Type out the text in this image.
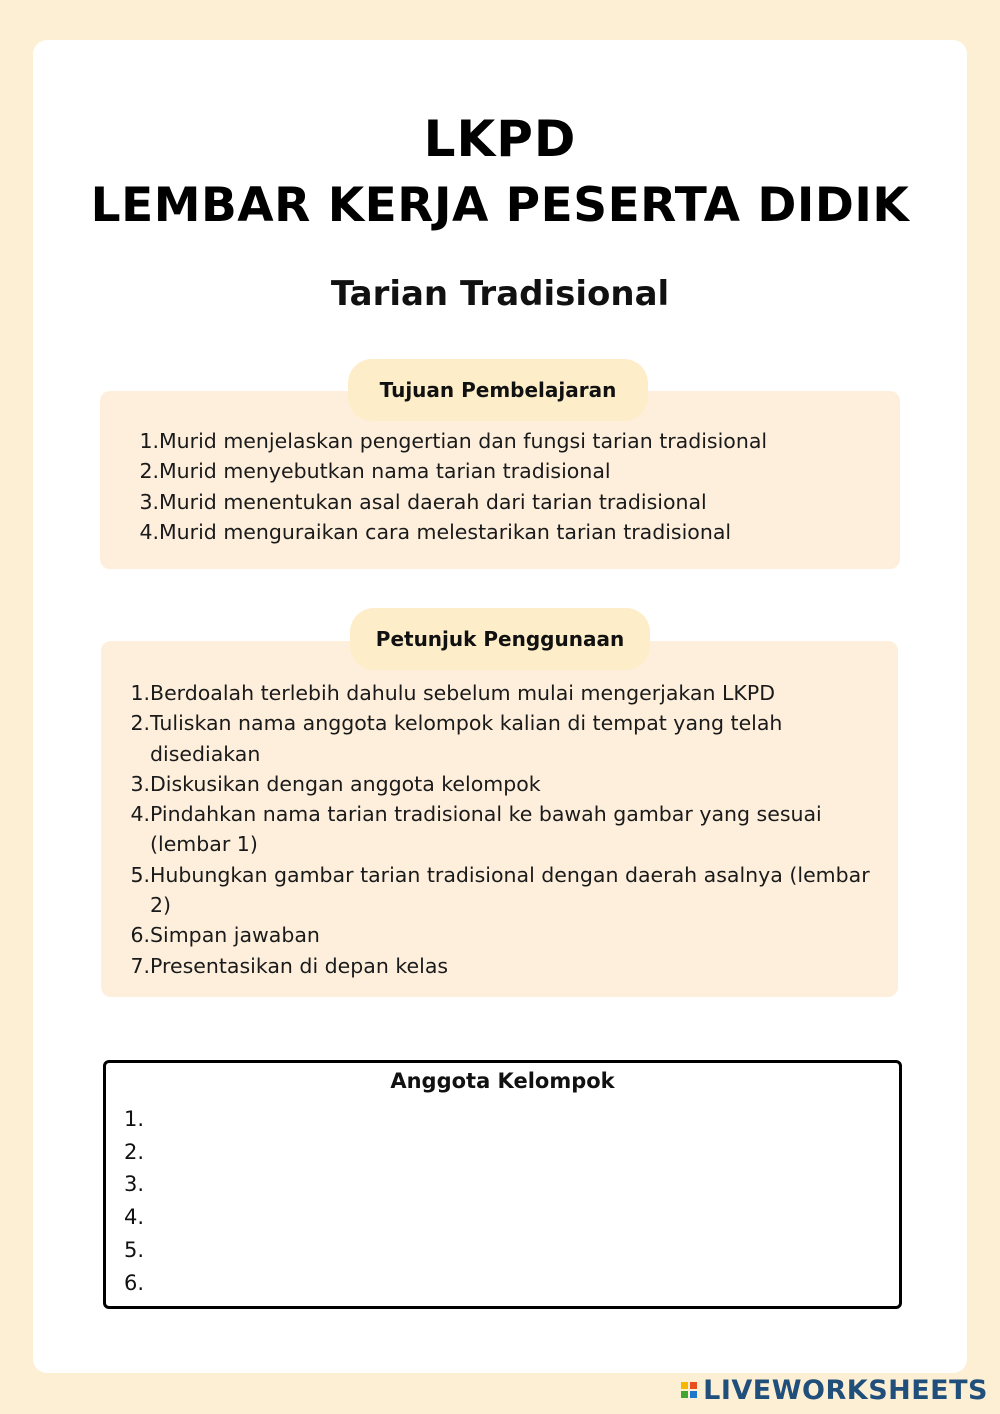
LKPD
LEMBAR KERJA PESERTA DIDIK
Tarian Tradisional
Tujuan Pembelajaran
1. Murid menjelaskan pengertian dan fungsi tarian tradisional
2. Murid menyebutkan nama tarian tradisional
3. Murid menentukan asal daerah dari tarian tradisional
4. Murid menguraikan cara melestarikan tarian tradisional
Petunjuk Penggunaan
1. Berdoalah terlebih dahulu sebelum mulai mengerjakan LKPD
2. Tuliskan nama anggota kelompok kalian di tempat yang telah disediakan
3. Diskusikan dengan anggota kelompok
4. Pindahkan nama tarian tradisional ke bawah gambar yang sesuai (lembar 1)
5. Hubungkan gambar tarian tradisional dengan daerah asalnya (lembar 2)
6. Simpan jawaban
7. Presentasikan di depan kelas
Anggota Kelompok
1.
2.
3.
4.
5.
6.
LIVEWORKSHEETS
